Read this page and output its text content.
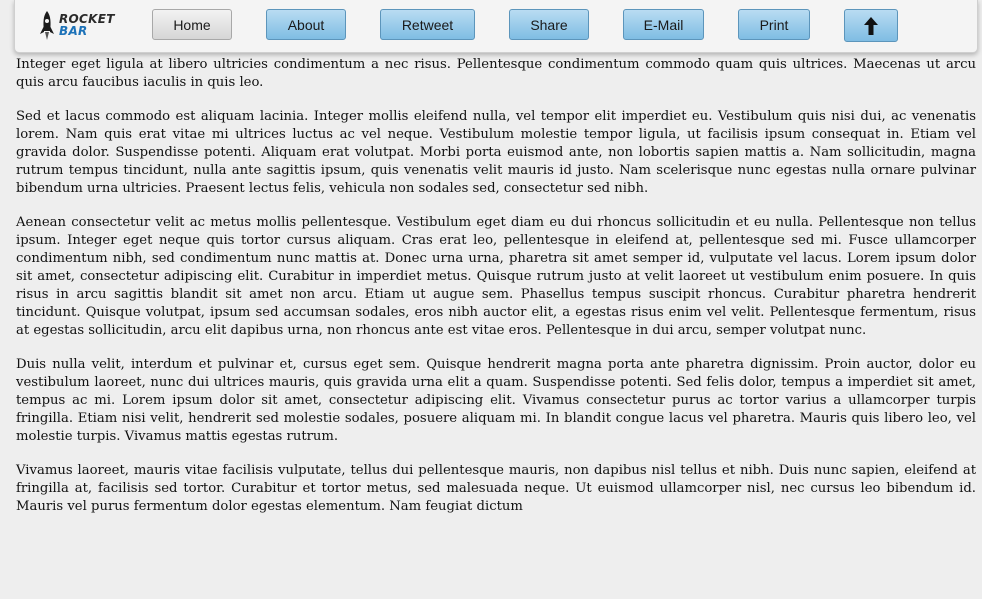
Integer eget ligula at libero ultricies condimentum a nec risus. Pellentesque condimentum commodo quam quis ultrices. Maecenas ut arcu quis arcu faucibus iaculis in quis leo.

Sed et lacus commodo est aliquam lacinia. Integer mollis eleifend nulla, vel tempor elit imperdiet eu. Vestibulum quis nisi dui, ac venenatis lorem. Nam quis erat vitae mi ultrices luctus ac vel neque. Vestibulum molestie tempor ligula, ut facilisis ipsum consequat in. Etiam vel gravida dolor. Suspendisse potenti. Aliquam erat volutpat. Morbi porta euismod ante, non lobortis sapien mattis a. Nam sollicitudin, magna rutrum tempus tincidunt, nulla ante sagittis ipsum, quis venenatis velit mauris id justo. Nam scelerisque nunc egestas nulla ornare pulvinar bibendum urna ultricies. Praesent lectus felis, vehicula non sodales sed, consectetur sed nibh.

Aenean consectetur velit ac metus mollis pellentesque. Vestibulum eget diam eu dui rhoncus sollicitudin et eu nulla. Pellentesque non tellus ipsum. Integer eget neque quis tortor cursus aliquam. Cras erat leo, pellentesque in eleifend at, pellentesque sed mi. Fusce ullamcorper condimentum nibh, sed condimentum nunc mattis at. Donec urna urna, pharetra sit amet semper id, vulputate vel lacus. Lorem ipsum dolor sit amet, consectetur adipiscing elit. Curabitur in imperdiet metus. Quisque rutrum justo at velit laoreet ut vestibulum enim posuere. In quis risus in arcu sagittis blandit sit amet non arcu. Etiam ut augue sem. Phasellus tempus suscipit rhoncus. Curabitur pharetra hendrerit tincidunt. Quisque volutpat, ipsum sed accumsan sodales, eros nibh auctor elit, a egestas risus enim vel velit. Pellentesque fermentum, risus at egestas sollicitudin, arcu elit dapibus urna, non rhoncus ante est vitae eros. Pellentesque in dui arcu, semper volutpat nunc.

Duis nulla velit, interdum et pulvinar et, cursus eget sem. Quisque hendrerit magna porta ante pharetra dignissim. Proin auctor, dolor eu vestibulum laoreet, nunc dui ultrices mauris, quis gravida urna elit a quam. Suspendisse potenti. Sed felis dolor, tempus a imperdiet sit amet, tempus ac mi. Lorem ipsum dolor sit amet, consectetur adipiscing elit. Vivamus consectetur purus ac tortor varius a ullamcorper turpis fringilla. Etiam nisi velit, hendrerit sed molestie sodales, posuere aliquam mi. In blandit congue lacus vel pharetra. Mauris quis libero leo, vel molestie turpis. Vivamus mattis egestas rutrum.

Vivamus laoreet, mauris vitae facilisis vulputate, tellus dui pellentesque mauris, non dapibus nisl tellus et nibh. Duis nunc sapien, eleifend at fringilla at, facilisis sed tortor. Curabitur et tortor metus, sed malesuada neque. Ut euismod ullamcorper nisl, nec cursus leo bibendum id. Mauris vel purus fermentum dolor egestas elementum. Nam feugiat dictum

ROCKET
BAR	Home	About	Retweet	Share	E-Mail	Print
